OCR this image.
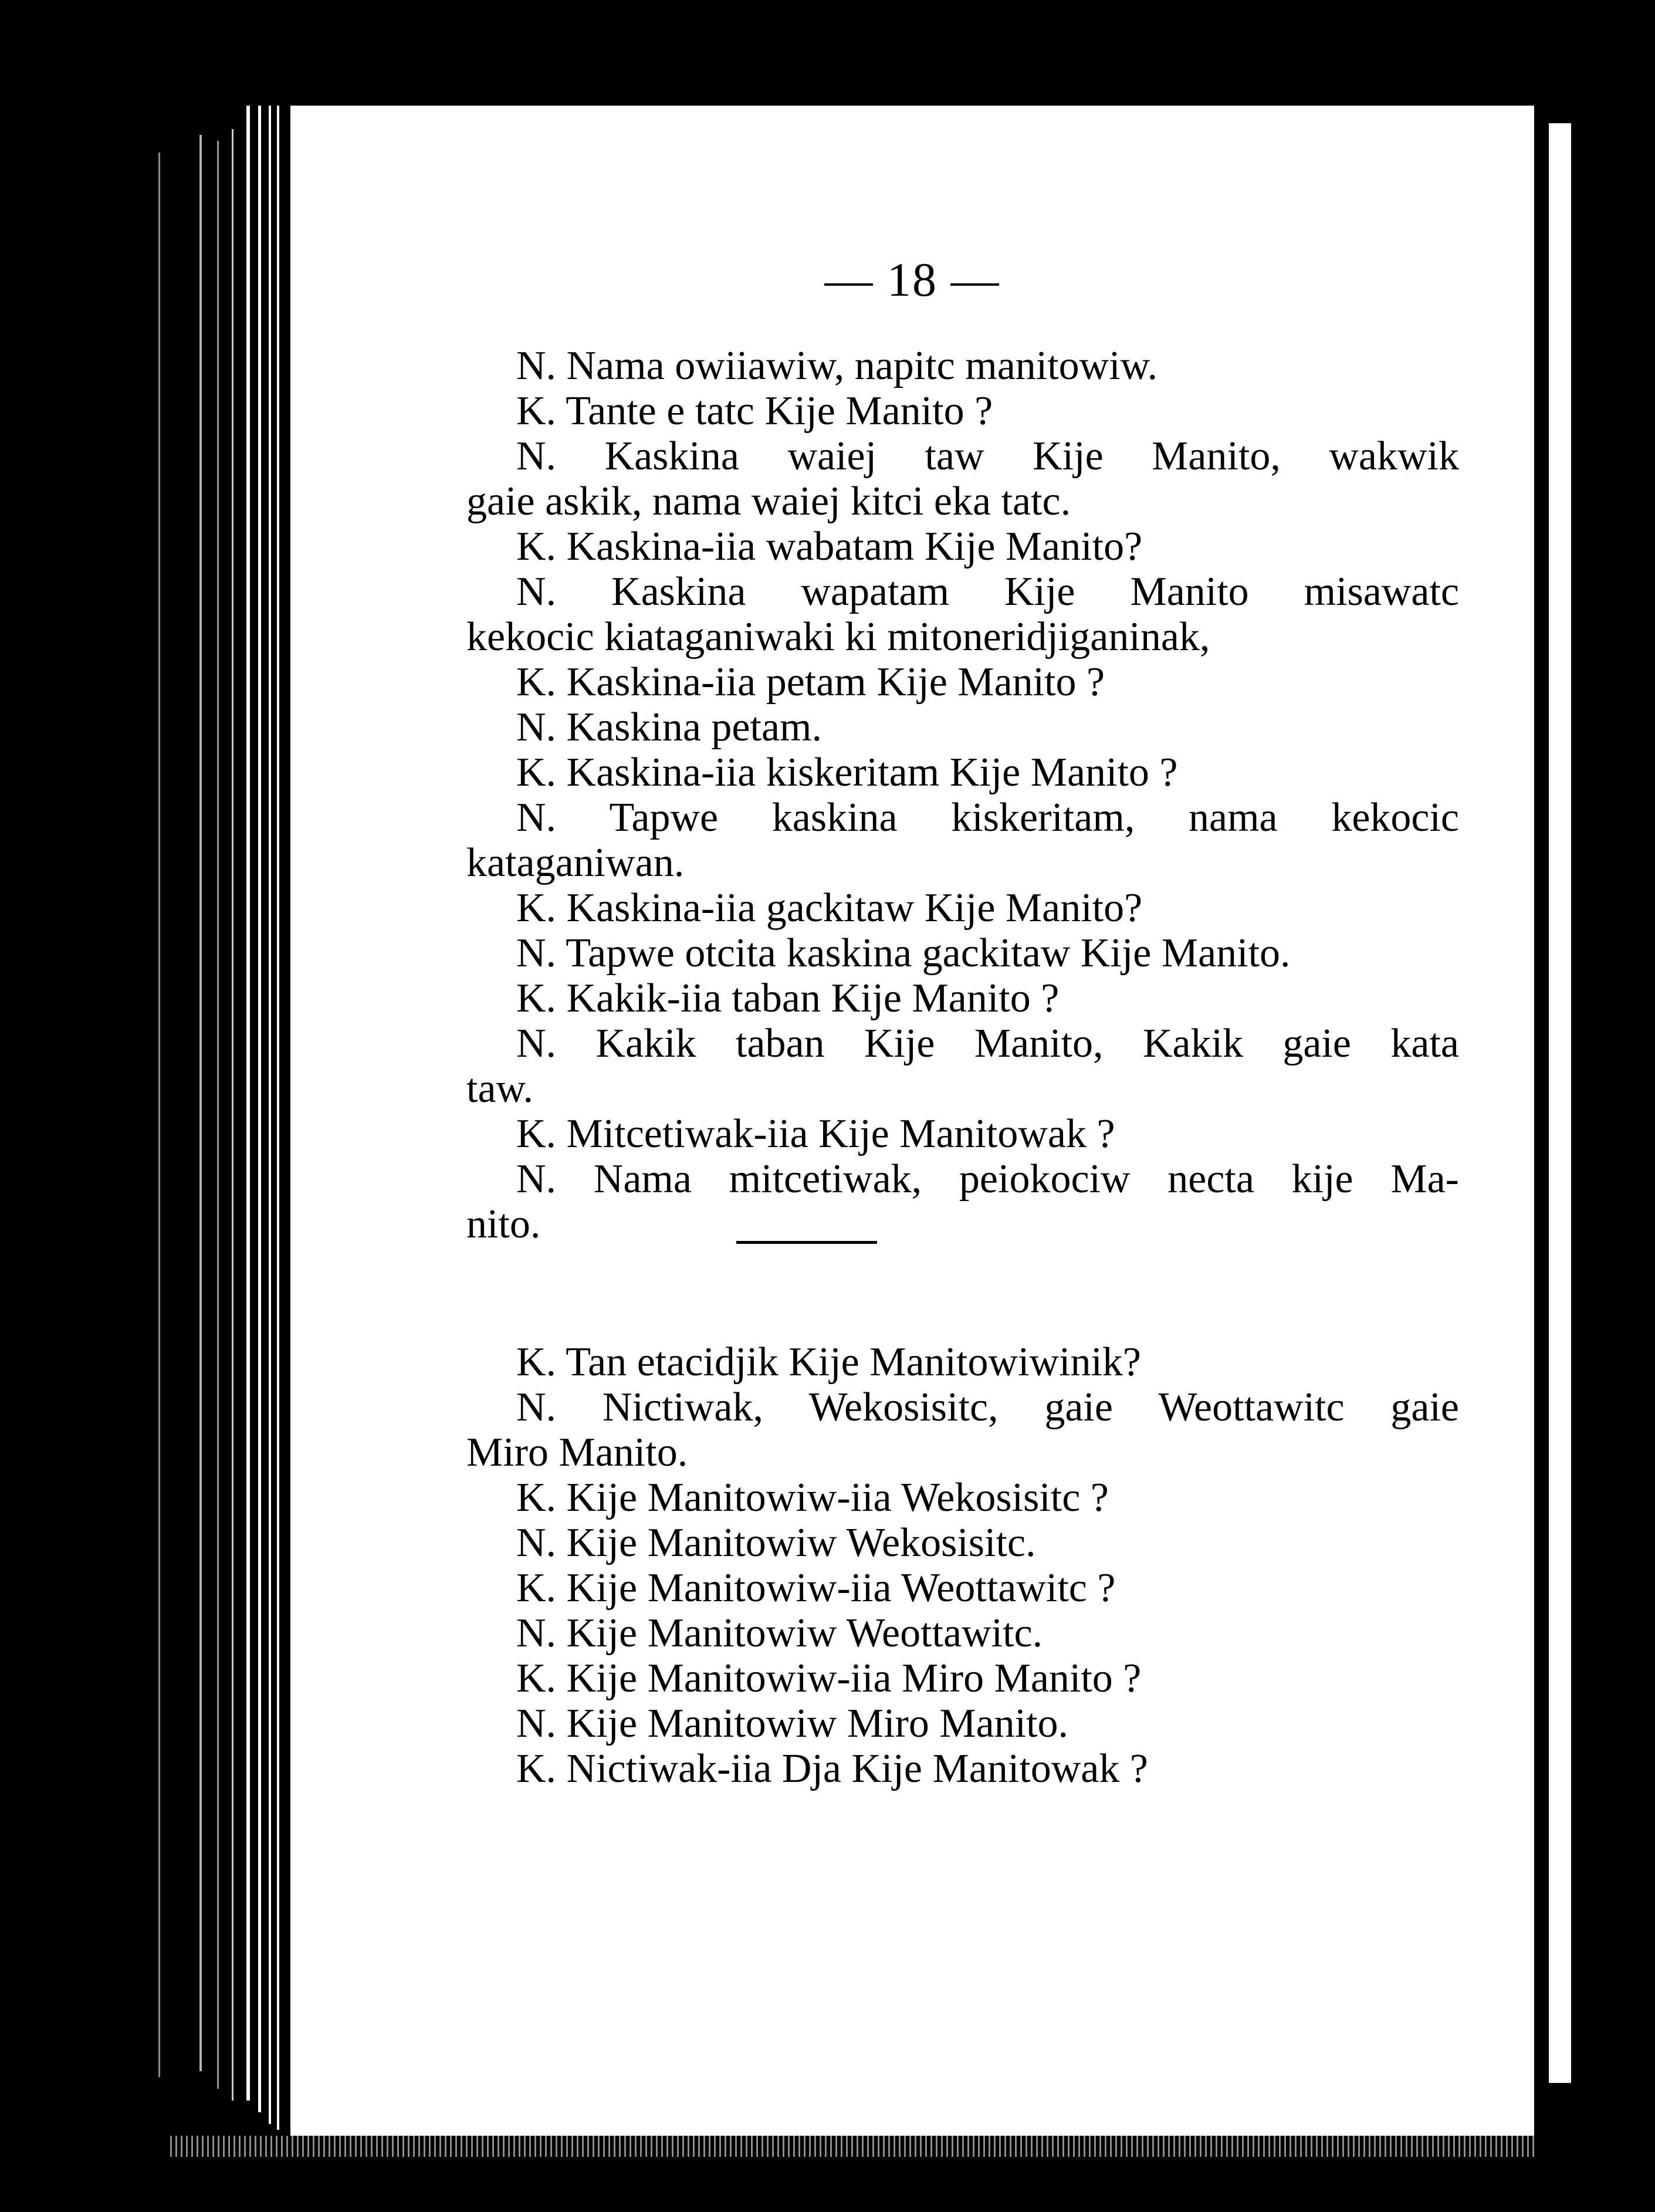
— 18 —
N. Nama owiiawiw, napitc manitowiw.
K. Tante e tatc Kije Manito ?
N. Kaskina waiej taw Kije Manito, wakwik
gaie askik, nama waiej kitci eka tatc.
K. Kaskina-iia wabatam Kije Manito?
N. Kaskina wapatam Kije Manito misawatc
kekocic kiataganiwaki ki mitoneridjiganinak,
K. Kaskina-iia petam Kije Manito ?
N. Kaskina petam.
K. Kaskina-iia kiskeritam Kije Manito ?
N. Tapwe kaskina kiskeritam, nama kekocic
kataganiwan.
K. Kaskina-iia gackitaw Kije Manito?
N. Tapwe otcita kaskina gackitaw Kije Manito.
K. Kakik-iia taban Kije Manito ?
N. Kakik taban Kije Manito, Kakik gaie kata
taw.
K. Mitcetiwak-iia Kije Manitowak ?
N. Nama mitcetiwak, peiokociw necta kije Ma-
nito.
K. Tan etacidjik Kije Manitowiwinik?
N. Nictiwak, Wekosisitc, gaie Weottawitc gaie
Miro Manito.
K. Kije Manitowiw-iia Wekosisitc ?
N. Kije Manitowiw Wekosisitc.
K. Kije Manitowiw-iia Weottawitc ?
N. Kije Manitowiw Weottawitc.
K. Kije Manitowiw-iia Miro Manito ?
N. Kije Manitowiw Miro Manito.
K. Nictiwak-iia Dja Kije Manitowak ?
